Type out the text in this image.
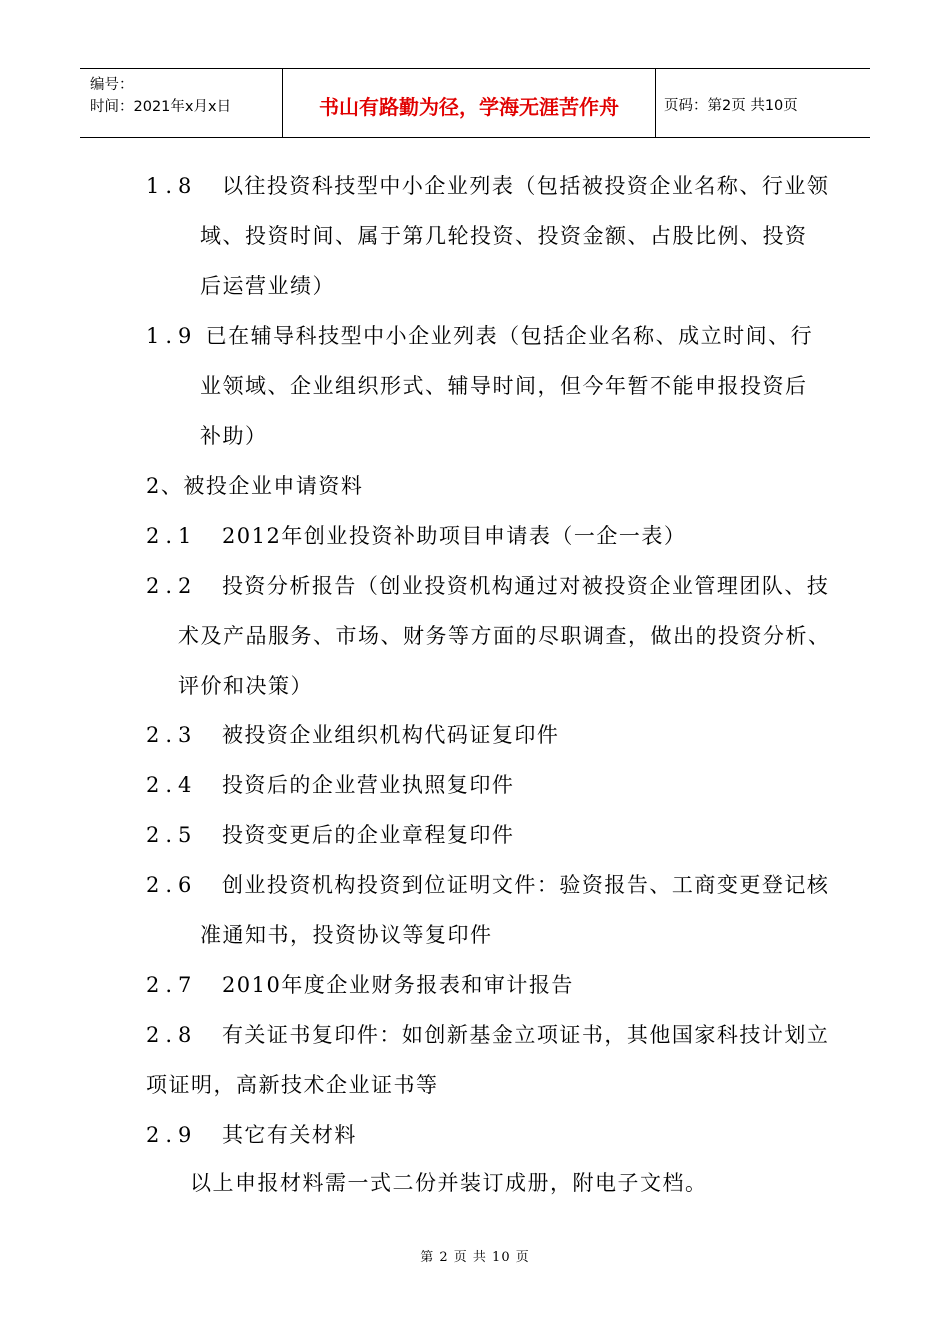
编号：
时间：2021年x月x日	书山有路勤为径，学海无涯苦作舟	页码：第2页 共10页
1.8 以往投资科技型中小企业列表（包括被投资企业名称、行业领
域、投资时间、属于第几轮投资、投资金额、占股比例、投资
后运营业绩）
1.9 已在辅导科技型中小企业列表（包括企业名称、成立时间、行
业领域、企业组织形式、辅导时间，但今年暂不能申报投资后
补助）
2、被投企业申请资料
2.1 2012年创业投资补助项目申请表（一企一表）
2.2 投资分析报告（创业投资机构通过对被投资企业管理团队、技
术及产品服务、市场、财务等方面的尽职调查，做出的投资分析、
评价和决策）
2.3 被投资企业组织机构代码证复印件
2.4 投资后的企业营业执照复印件
2.5 投资变更后的企业章程复印件
2.6 创业投资机构投资到位证明文件：验资报告、工商变更登记核
准通知书，投资协议等复印件
2.7 2010年度企业财务报表和审计报告
2.8 有关证书复印件：如创新基金立项证书，其他国家科技计划立
项证明，高新技术企业证书等
2.9 其它有关材料
以上申报材料需一式二份并装订成册，附电子文档。
第 2 页 共 10 页
